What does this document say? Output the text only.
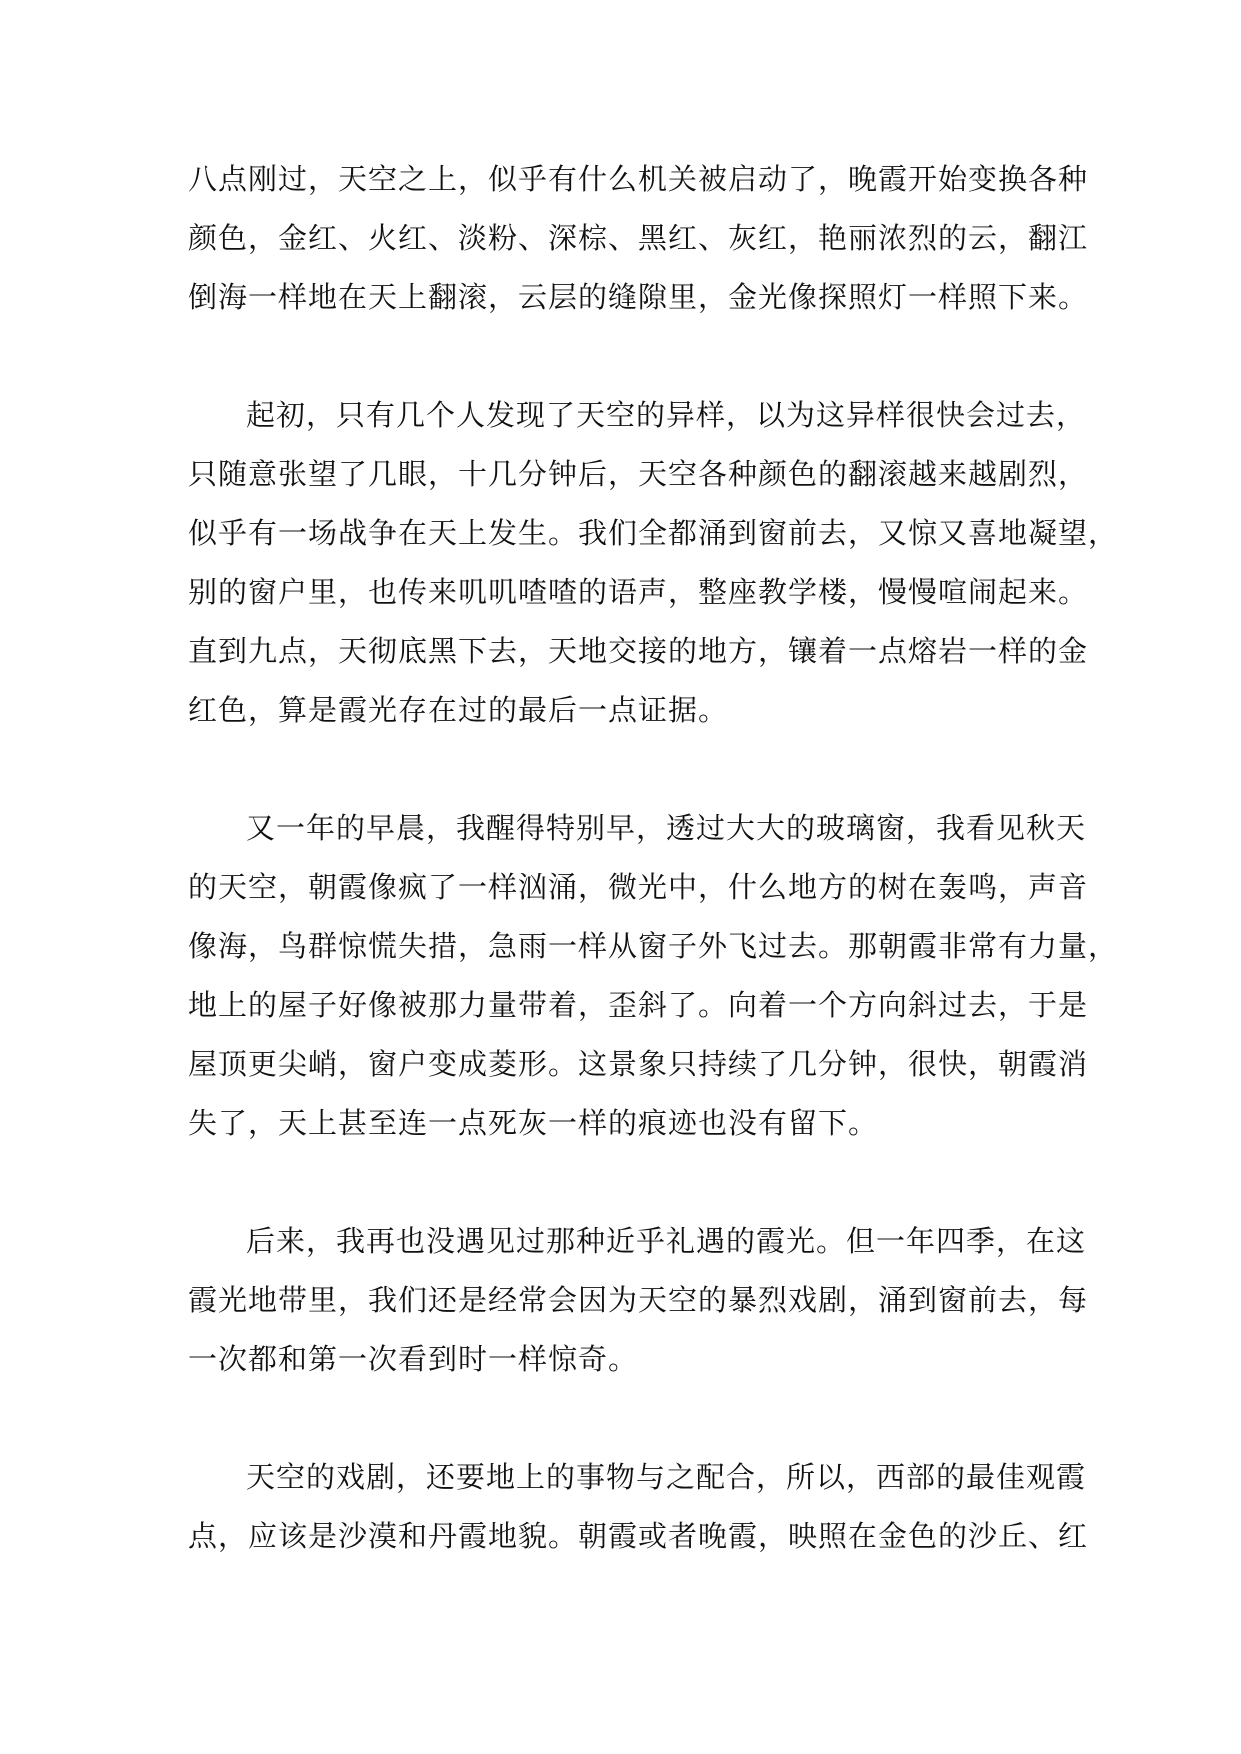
八点刚过，天空之上，似乎有什么机关被启动了，晚霞开始变换各种
颜色，金红、火红、淡粉、深棕、黑红、灰红，艳丽浓烈的云，翻江
倒海一样地在天上翻滚，云层的缝隙里，金光像探照灯一样照下来。
起初，只有几个人发现了天空的异样，以为这异样很快会过去，
只随意张望了几眼，十几分钟后，天空各种颜色的翻滚越来越剧烈，
似乎有一场战争在天上发生。我们全都涌到窗前去，又惊又喜地凝望，
别的窗户里，也传来叽叽喳喳的语声，整座教学楼，慢慢喧闹起来。
直到九点，天彻底黑下去，天地交接的地方，镶着一点熔岩一样的金
红色，算是霞光存在过的最后一点证据。
又一年的早晨，我醒得特别早，透过大大的玻璃窗，我看见秋天
的天空，朝霞像疯了一样汹涌，微光中，什么地方的树在轰鸣，声音
像海，鸟群惊慌失措，急雨一样从窗子外飞过去。那朝霞非常有力量，
地上的屋子好像被那力量带着，歪斜了。向着一个方向斜过去，于是
屋顶更尖峭，窗户变成菱形。这景象只持续了几分钟，很快，朝霞消
失了，天上甚至连一点死灰一样的痕迹也没有留下。
后来，我再也没遇见过那种近乎礼遇的霞光。但一年四季，在这
霞光地带里，我们还是经常会因为天空的暴烈戏剧，涌到窗前去，每
一次都和第一次看到时一样惊奇。
天空的戏剧，还要地上的事物与之配合，所以，西部的最佳观霞
点，应该是沙漠和丹霞地貌。朝霞或者晚霞，映照在金色的沙丘、红
